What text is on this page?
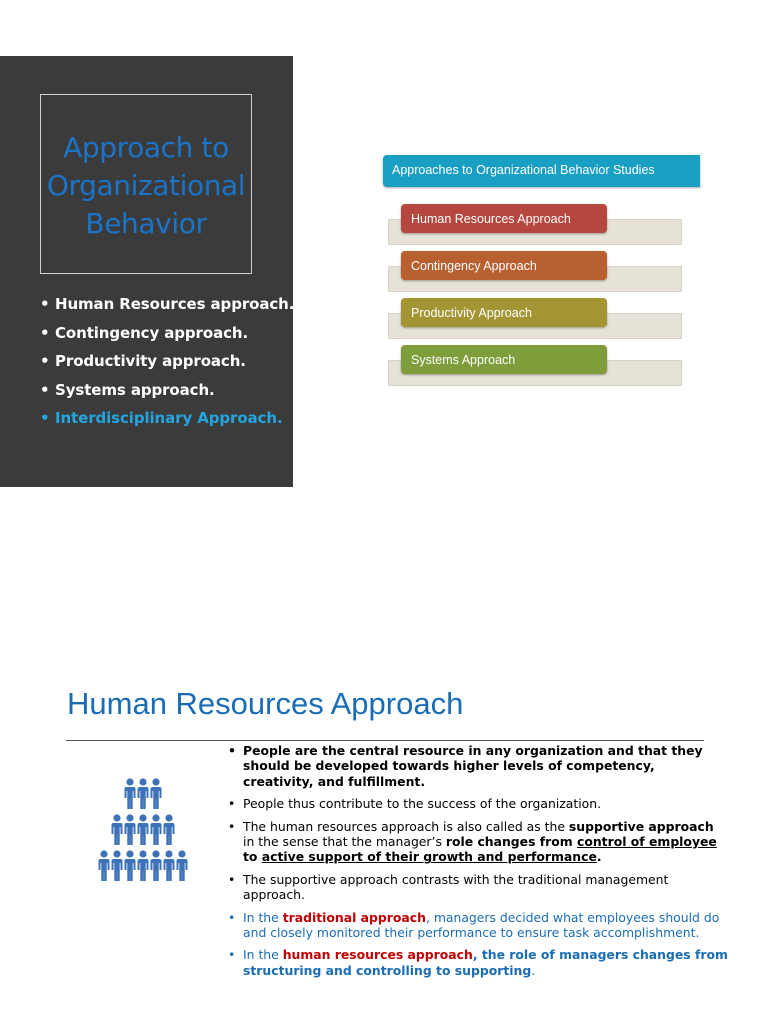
Approach to
Organizational
Behavior
• Human Resources approach.
• Contingency approach.
• Productivity approach.
• Systems approach.
• Interdisciplinary Approach.
Approaches to Organizational Behavior Studies
Human Resources Approach
Contingency Approach
Productivity Approach
Systems Approach
Human Resources Approach
• People are the central resource in any organization and that they should be developed towards higher levels of competency, creativity, and fulfillment.
• People thus contribute to the success of the organization.
• The human resources approach is also called as the supportive approach in the sense that the manager’s role changes from control of employee to active support of their growth and performance.
• The supportive approach contrasts with the traditional management approach.
• In the traditional approach, managers decided what employees should do and closely monitored their performance to ensure task accomplishment.
• In the human resources approach, the role of managers changes from structuring and controlling to supporting.
